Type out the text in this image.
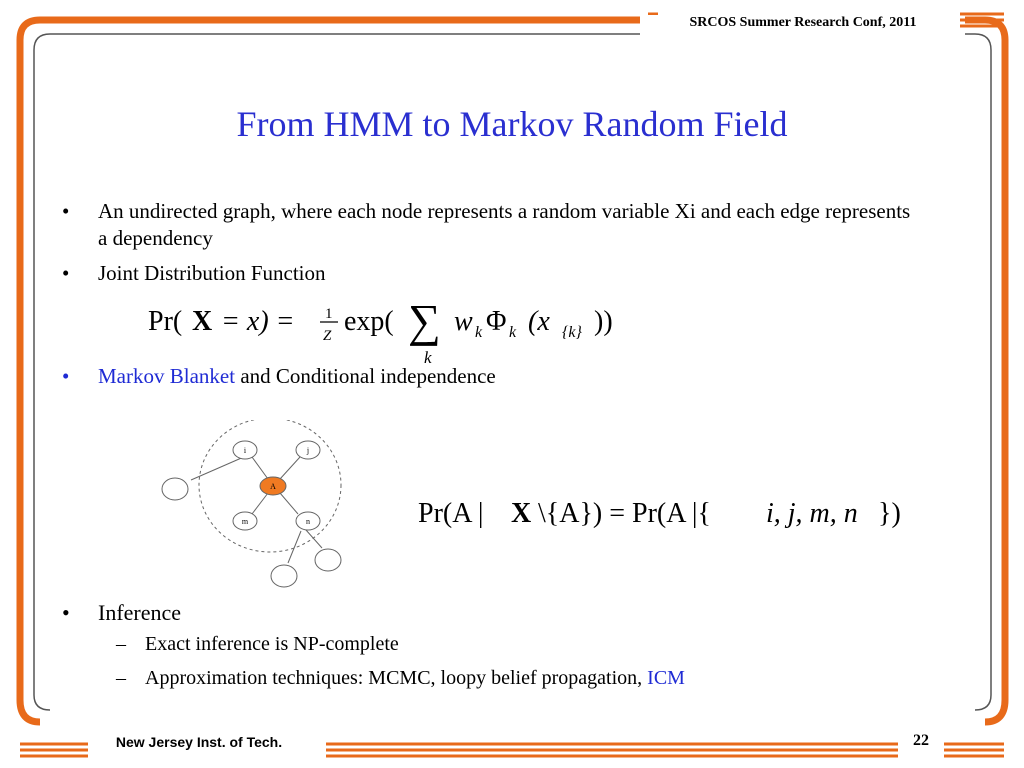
SRCOS Summer Research Conf, 2011
From HMM to Markov Random Field
• An undirected graph, where each node represents a random variable Xi and each edge represents a dependency
• Joint Distribution Function
• Markov Blanket and Conditional independence
Pr( X = x) = 1
Z exp( ∑
k
w k Φ k (x {k} ))
i	j
A
m	n	Pr(A | X \{A}) = Pr(A |{ i, j, m, n })
• Inference
– Exact inference is NP-complete
– Approximation techniques: MCMC, loopy belief propagation, ICM
New Jersey Inst. of Tech.	22
